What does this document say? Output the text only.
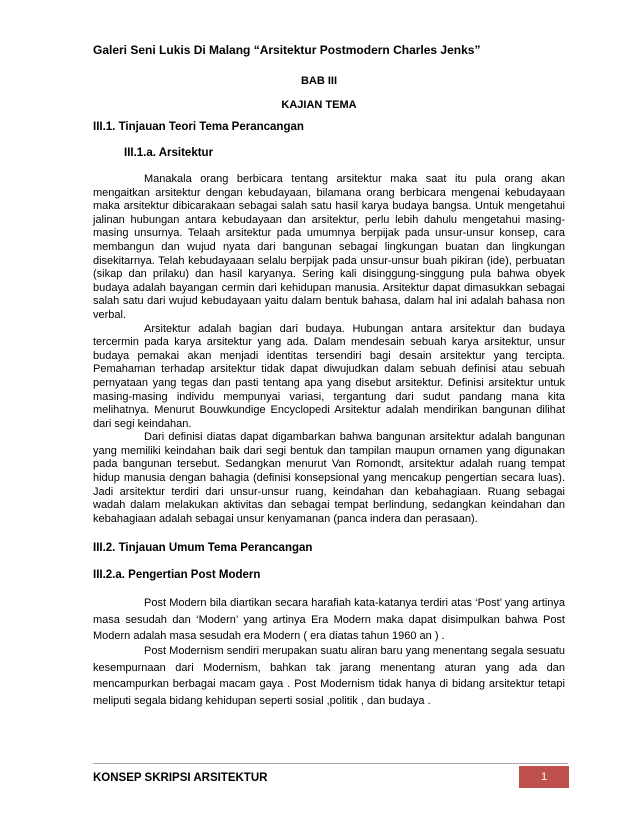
Galeri Seni Lukis Di Malang “Arsitektur Postmodern Charles Jenks”
BAB III
KAJIAN TEMA
III.1. Tinjauan Teori Tema Perancangan
III.1.a. Arsitektur

Manakala orang berbicara tentang arsitektur maka saat itu pula orang akan mengaitkan arsitektur dengan kebudayaan, bilamana orang berbicara mengenai kebudayaan maka arsitektur dibicarakaan sebagai salah satu hasil karya budaya bangsa. Untuk mengetahui jalinan hubungan antara kebudayaan dan arsitektur, perlu lebih dahulu mengetahui masing-masing unsurnya. Telaah arsitektur pada umumnya berpijak pada unsur-unsur konsep, cara membangun dan wujud nyata dari bangunan sebagai lingkungan buatan dan lingkungan disekitarnya. Telah kebudayaaan selalu berpijak pada unsur-unsur buah pikiran (ide), perbuatan (sikap dan prilaku) dan hasil karyanya. Sering kali disinggung-singgung pula bahwa obyek budaya adalah bayangan cermin dari kehidupan manusia. Arsitektur dapat dimasukkan sebagai salah satu dari wujud kebudayaan yaitu dalam bentuk bahasa, dalam hal ini adalah bahasa non verbal.

Arsitektur adalah bagian dari budaya. Hubungan antara arsitektur dan budaya tercermin pada karya arsitektur yang ada. Dalam mendesain sebuah karya arsitektur, unsur budaya pemakai akan menjadi identitas tersendiri bagi desain arsitektur yang tercipta. Pemahaman terhadap arsitektur tidak dapat diwujudkan dalam sebuah definisi atau sebuah pernyataan yang tegas dan pasti tentang apa yang disebut arsitektur. Definisi arsitektur untuk masing-masing individu mempunyai variasi, tergantung dari sudut pandang mana kita melihatnya. Menurut Bouwkundige Encyclopedi Arsitektur adalah mendirikan bangunan dilihat dari segi keindahan.

Dari definisi diatas dapat digambarkan bahwa bangunan arsitektur adalah bangunan yang memiliki keindahan baik dari segi bentuk dan tampilan maupun ornamen yang digunakan pada bangunan tersebut. Sedangkan menurut Van Romondt, arsitektur adalah ruang tempat hidup manusia dengan bahagia (definisi konsepsional yang mencakup pengertian secara luas). Jadi arsitektur terdiri dari unsur-unsur ruang, keindahan dan kebahagiaan. Ruang sebagai wadah dalam melakukan aktivitas dan sebagai tempat berlindung, sedangkan keindahan dan kebahagiaan adalah sebagai unsur kenyamanan (panca indera dan perasaan).

III.2. Tinjauan Umum Tema Perancangan
III.2.a. Pengertian Post Modern

Post Modern bila diartikan secara harafiah kata-katanya terdiri atas ‘Post’ yang artinya masa sesudah dan ‘Modern’ yang artinya Era Modern maka dapat disimpulkan bahwa Post Modern adalah masa sesudah era Modern ( era diatas tahun 1960 an ) .

Post Modernism sendiri merupakan suatu aliran baru yang menentang segala sesuatu kesempurnaan dari Modernism, bahkan tak jarang menentang aturan yang ada dan mencampurkan berbagai macam gaya . Post Modernism tidak hanya di bidang arsitektur tetapi meliputi segala bidang kehidupan seperti sosial ,politik , dan budaya .

KONSEP SKRIPSI ARSITEKTUR	1
